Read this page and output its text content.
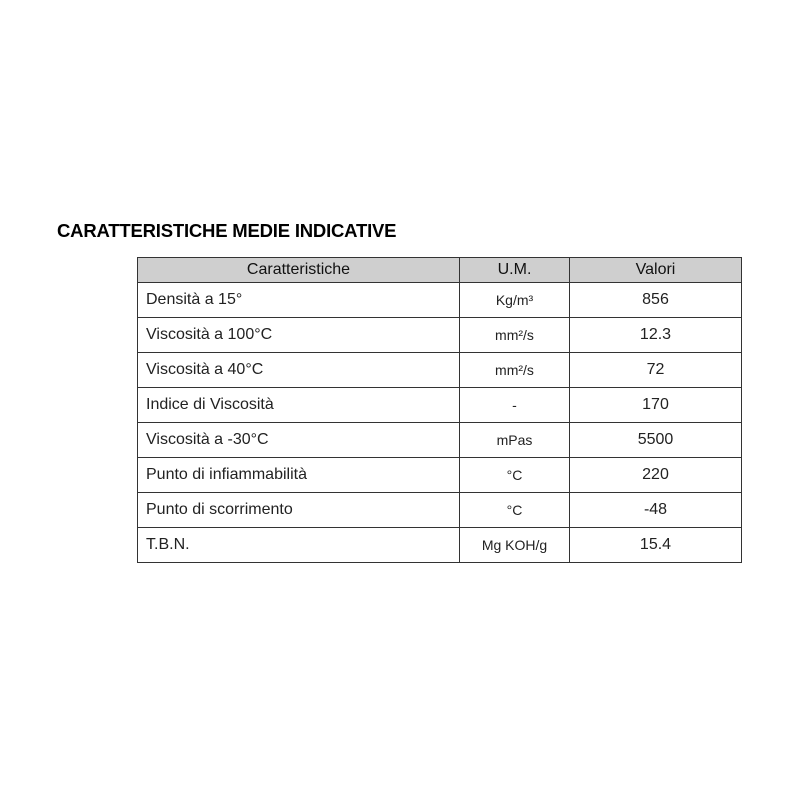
CARATTERISTICHE MEDIE INDICATIVE
Caratteristiche	U.M.	Valori
Densità a 15°	Kg/m³	856
Viscosità a 100°C	mm²/s	12.3
Viscosità a 40°C	mm²/s	72
Indice di Viscosità	-	170
Viscosità a -30°C	mPas	5500
Punto di infiammabilità	°C	220
Punto di scorrimento	°C	-48
T.B.N.	Mg KOH/g	15.4
